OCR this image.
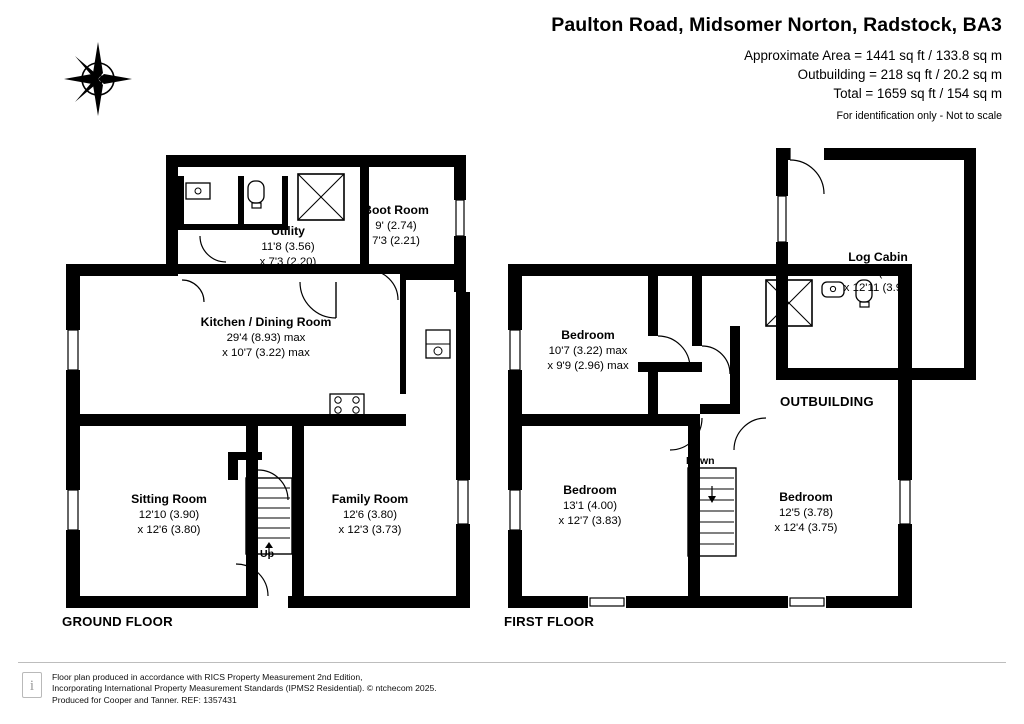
Paulton Road, Midsomer Norton, Radstock, BA3
Approximate Area = 1441 sq ft / 133.8 sq m
Outbuilding = 218 sq ft / 20.2 sq m
Total = 1659 sq ft / 154 sq m
For identification only - Not to scale
N
Utility
11'8 (3.56)
x 7'3 (2.20)
Boot Room
9' (2.74)
7'3 (2.21)
Kitchen / Dining Room
29'4 (8.93) max
x 10'7 (3.22) max
Sitting Room
12'10 (3.90)
x 12'6 (3.80)
Family Room
12'6 (3.80)
x 12'3 (3.73)
Up
GROUND FLOOR
Bedroom
10'7 (3.22) max
x 9'9 (2.96) max
Bedroom
13'1 (4.00)
x 12'7 (3.83)
Bedroom
12'5 (3.78)
x 12'4 (3.75)
Down
FIRST FLOOR
Log Cabin
16'10 (5.13)
x 12'11 (3.94)
OUTBUILDING
i
Floor plan produced in accordance with RICS Property Measurement 2nd Edition,
Incorporating International Property Measurement Standards (IPMS2 Residential). © ntchecom 2025.
Produced for Cooper and Tanner. REF: 1357431
